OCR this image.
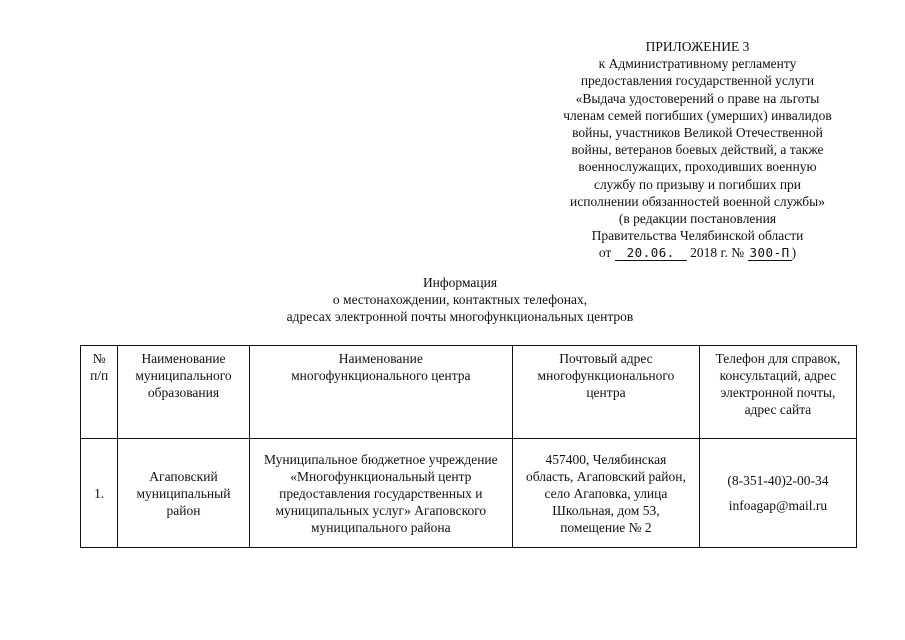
ПРИЛОЖЕНИЕ 3
к Административному регламенту
предоставления государственной услуги
«Выдача удостоверений о праве на льготы
членам семей погибших (умерших) инвалидов
войны, участников Великой Отечественной
войны, ветеранов боевых действий, а также
военнослужащих, проходивших военную
службу по призыву и погибших при
исполнении обязанностей военной службы»
(в редакции постановления
Правительства Челябинской области
от 20.06. 2018 г. № 300-П )
Информация
о местонахождении, контактных телефонах,
адресах электронной почты многофункциональных центров
№
п/п	Наименование
муниципального
образования	Наименование
многофункционального центра	Почтовый адрес
многофункционального
центра	Телефон для справок,
консультаций, адрес
электронной почты,
адрес сайта

1.	Агаповский
муниципальный
район	Муниципальное бюджетное учреждение
«Многофункциональный центр
предоставления государственных и
муниципальных услуг» Агаповского
муниципального района	457400, Челябинская
область, Агаповский район,
село Агаповка, улица
Школьная, дом 53,
помещение № 2	(8-351-40)2-00-34
infoagap@mail.ru
